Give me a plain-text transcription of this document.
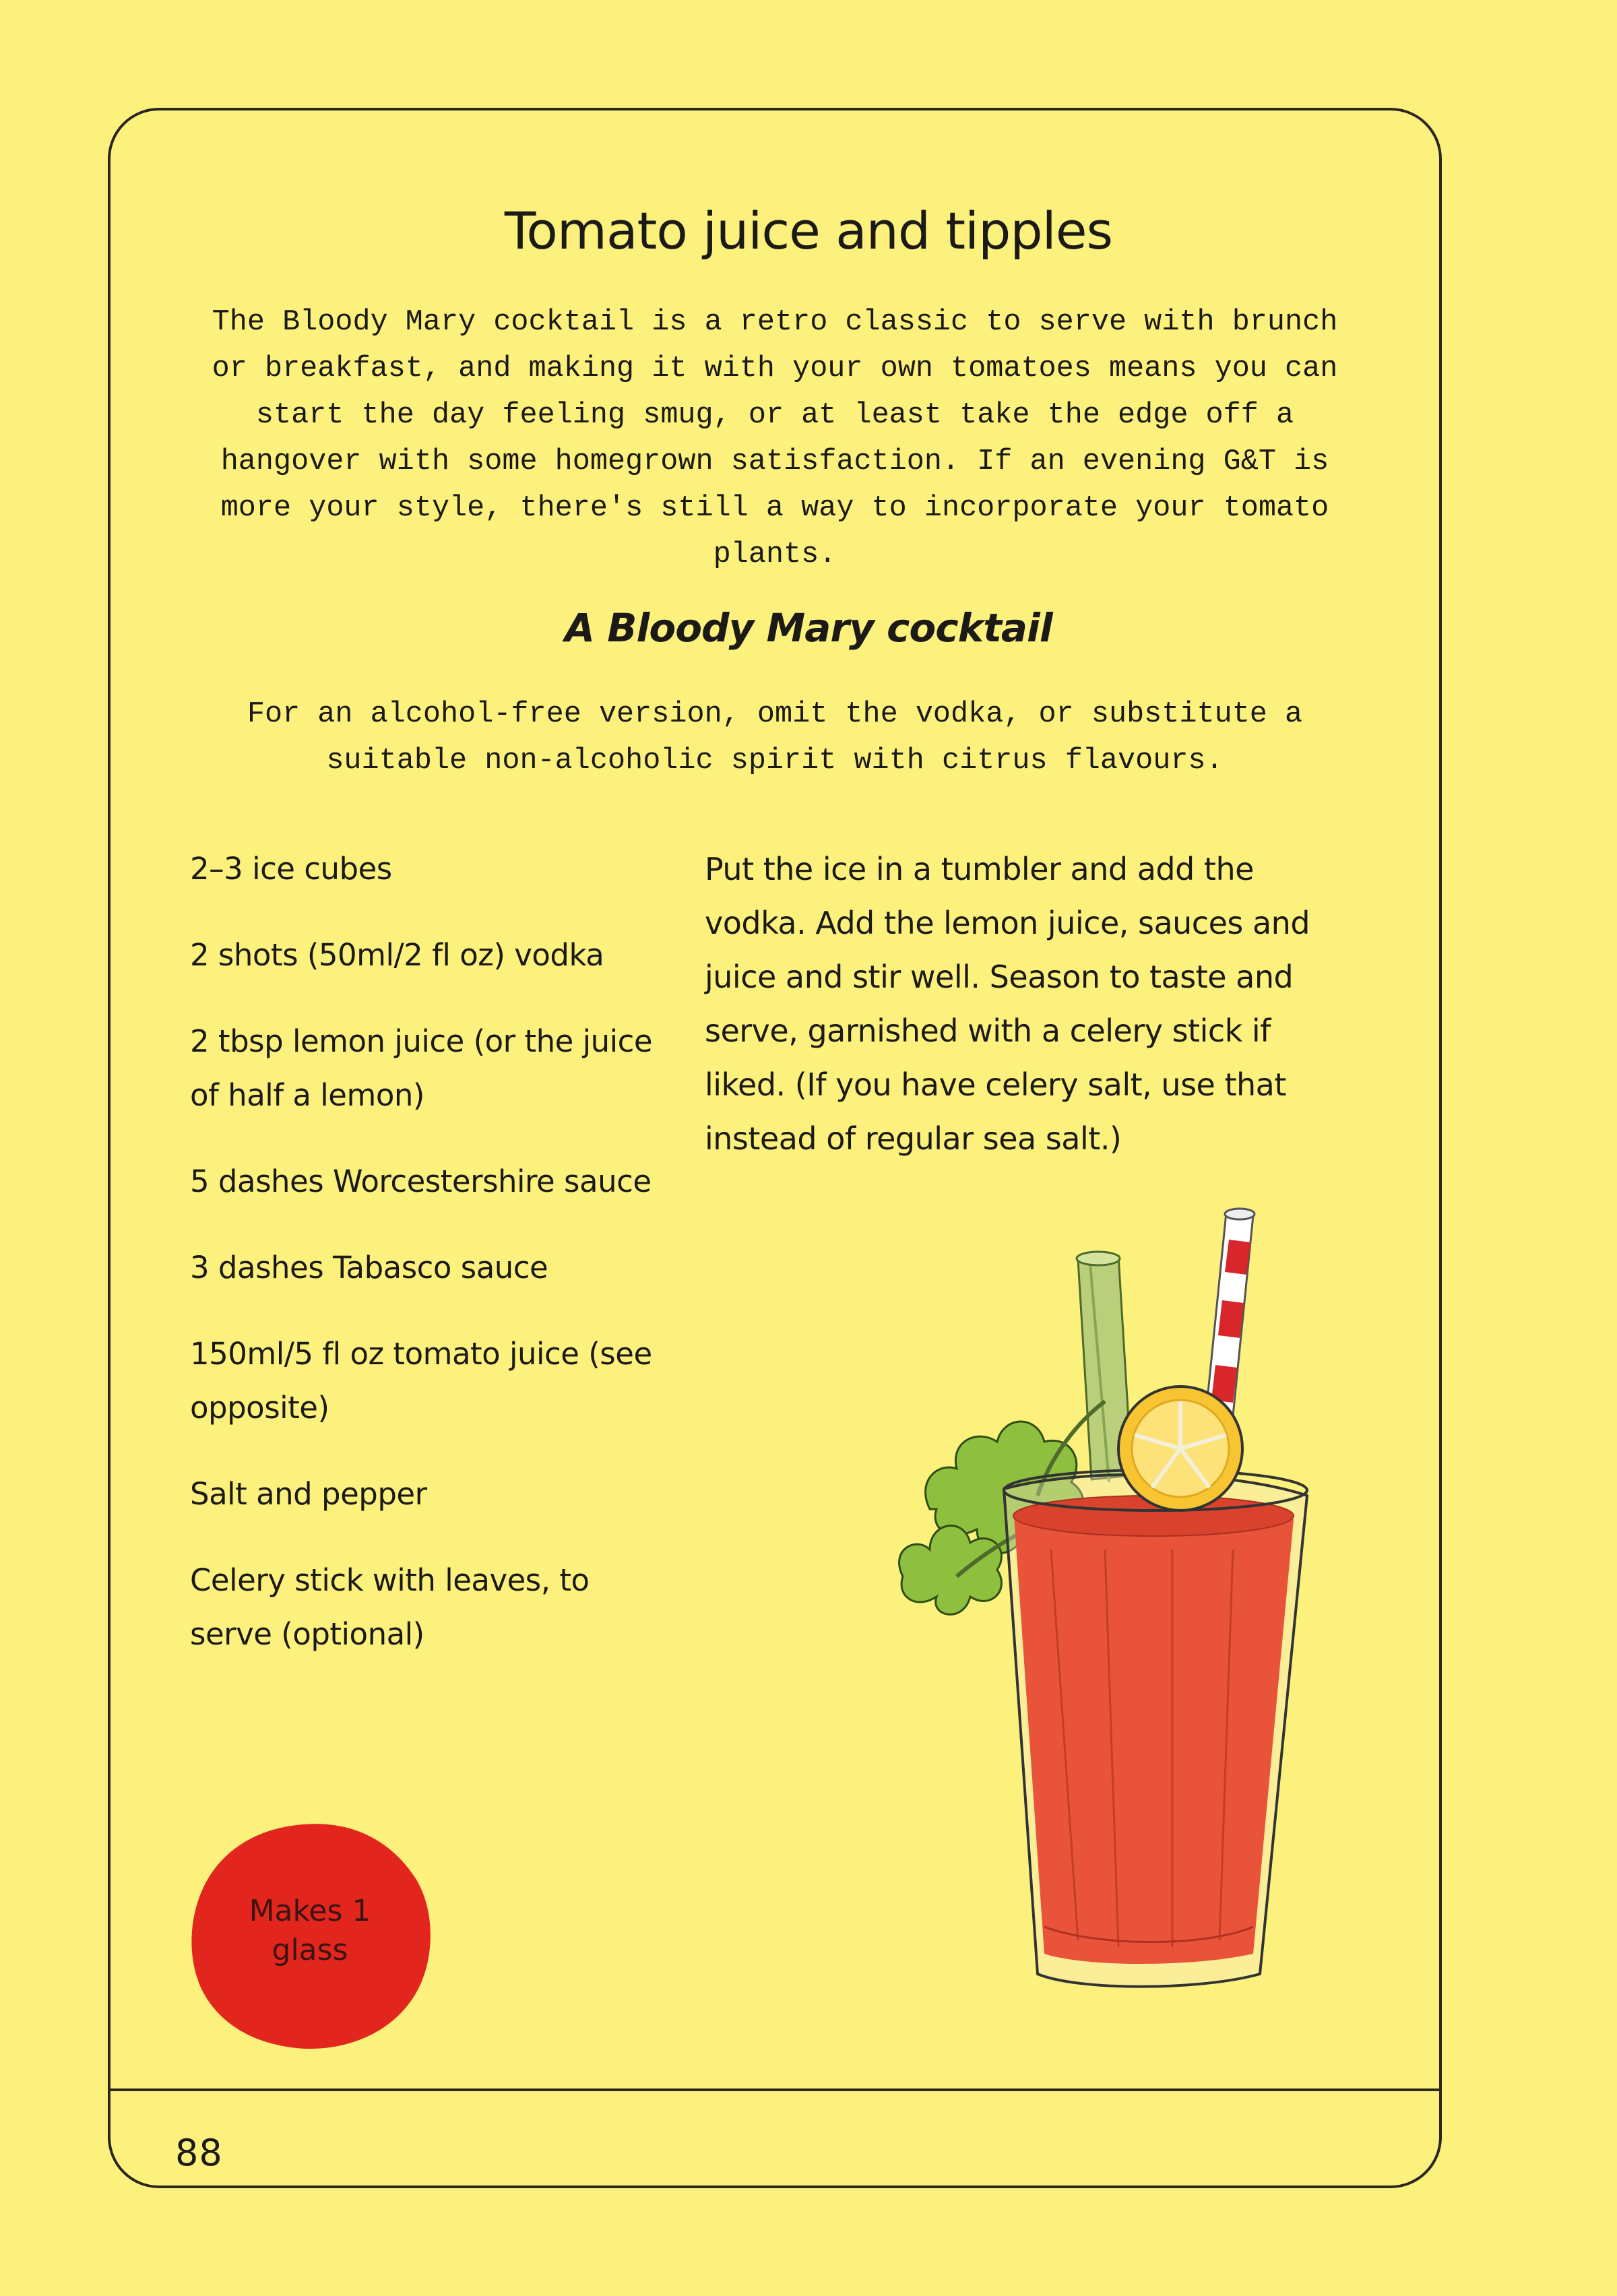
88
Tomato juice and tipples

The Bloody Mary cocktail is a retro classic to serve with brunch or breakfast, and making it with your own tomatoes means you can start the day feeling smug, or at least take the edge off a hangover with some homegrown satisfaction. If an evening G&T is more your style, there's still a way to incorporate your tomato plants.

A Bloody Mary cocktail

For an alcohol-free version, omit the vodka, or substitute a suitable non-alcoholic spirit with citrus flavours.

2–3 ice cubes
2 shots (50ml/2 fl oz) vodka
2 tbsp lemon juice (or the juice of half a lemon)
5 dashes Worcestershire sauce
3 dashes Tabasco sauce
150ml/5 fl oz tomato juice (see opposite)
Salt and pepper
Celery stick with leaves, to serve (optional)

Put the ice in a tumbler and add the vodka. Add the lemon juice, sauces and juice and stir well. Season to taste and serve, garnished with a celery stick if liked. (If you have celery salt, use that instead of regular sea salt.)

Makes 1 glass
